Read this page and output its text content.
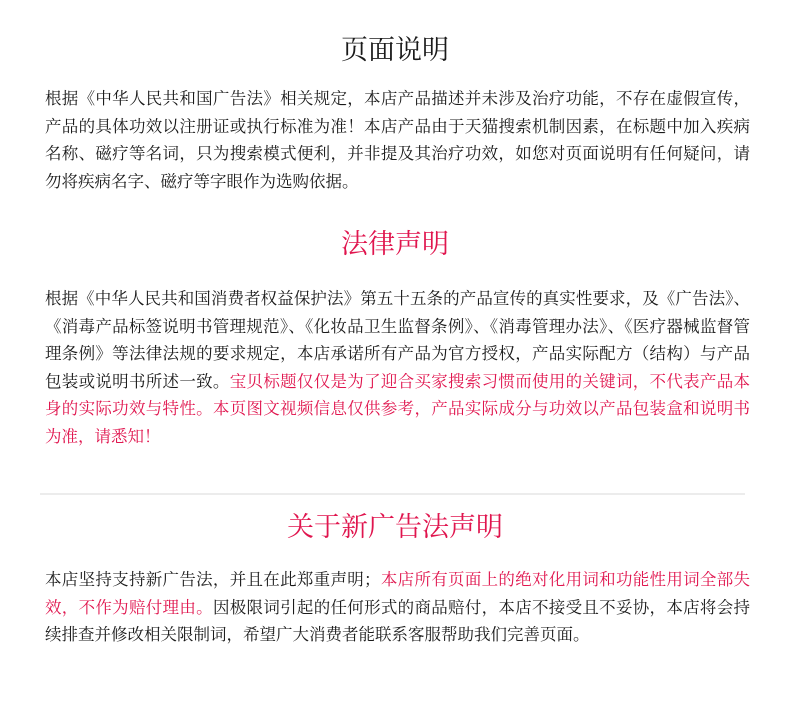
页面说明

根据《中华人民共和国广告法》相关规定，本店产品描述并未涉及治疗功能，不存在虚假宣传，产品的具体功效以注册证或执行标准为准！本店产品由于天猫搜索机制因素，在标题中加入疾病名称、磁疗等名词，只为搜索模式便利，并非提及其治疗功效，如您对页面说明有任何疑问，请勿将疾病名字、磁疗等字眼作为选购依据。

法律声明

根据《中华人民共和国消费者权益保护法》第五十五条的产品宣传的真实性要求，及《广告法》、《消毒产品标签说明书管理规范》、《化妆品卫生监督条例》、《消毒管理办法》、《医疗器械监督管理条例》等法律法规的要求规定，本店承诺所有产品为官方授权，产品实际配方（结构）与产品包装或说明书所述一致。宝贝标题仅仅是为了迎合买家搜索习惯而使用的关键词，不代表产品本身的实际功效与特性。本页图文视频信息仅供参考，产品实际成分与功效以产品包装盒和说明书为准，请悉知！

关于新广告法声明

本店坚持支持新广告法，并且在此郑重声明；本店所有页面上的绝对化用词和功能性用词全部失效，不作为赔付理由。因极限词引起的任何形式的商品赔付，本店不接受且不妥协，本店将会持续排查并修改相关限制词，希望广大消费者能联系客服帮助我们完善页面。
